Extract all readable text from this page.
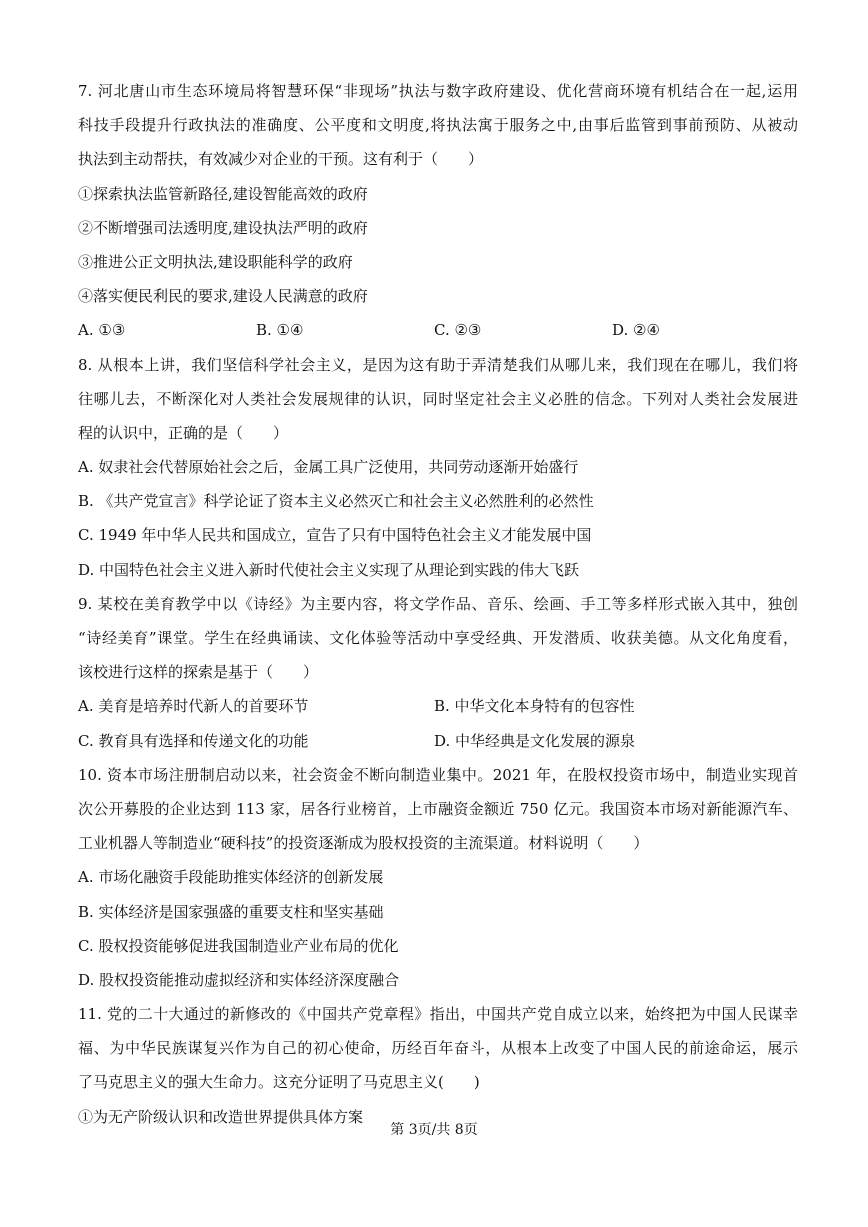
7. 河北唐山市生态环境局将智慧环保“非现场”执法与数字政府建设、优化营商环境有机结合在一起,运用
科技手段提升行政执法的准确度、公平度和文明度,将执法寓于服务之中,由事后监管到事前预防、从被动
执法到主动帮扶，有效减少对企业的干预。这有利于（　　）
①探索执法监管新路径,建设智能高效的政府
②不断增强司法透明度,建设执法严明的政府
③推进公正文明执法,建设职能科学的政府
④落实便民利民的要求,建设人民满意的政府
A. ①③	B. ①④	C. ②③	D. ②④
8. 从根本上讲，我们坚信科学社会主义，是因为这有助于弄清楚我们从哪儿来，我们现在在哪儿，我们将
往哪儿去，不断深化对人类社会发展规律的认识，同时坚定社会主义必胜的信念。下列对人类社会发展进
程的认识中，正确的是（　　）
A. 奴隶社会代替原始社会之后，金属工具广泛使用，共同劳动逐渐开始盛行
B. 《共产党宣言》科学论证了资本主义必然灭亡和社会主义必然胜利的必然性
C. 1949 年中华人民共和国成立，宣告了只有中国特色社会主义才能发展中国
D. 中国特色社会主义进入新时代使社会主义实现了从理论到实践的伟大飞跃
9. 某校在美育教学中以《诗经》为主要内容，将文学作品、音乐、绘画、手工等多样形式嵌入其中，独创
“诗经美育”课堂。学生在经典诵读、文化体验等活动中享受经典、开发潜质、收获美德。从文化角度看，
该校进行这样的探索是基于（　　）
A. 美育是培养时代新人的首要环节	B. 中华文化本身特有的包容性
C. 教育具有选择和传递文化的功能	D. 中华经典是文化发展的源泉
10. 资本市场注册制启动以来，社会资金不断向制造业集中。2021 年，在股权投资市场中，制造业实现首
次公开募股的企业达到 113 家，居各行业榜首，上市融资金额近 750 亿元。我国资本市场对新能源汽车、
工业机器人等制造业“硬科技”的投资逐渐成为股权投资的主流渠道。材料说明（　　）
A. 市场化融资手段能助推实体经济的创新发展
B. 实体经济是国家强盛的重要支柱和坚实基础
C. 股权投资能够促进我国制造业产业布局的优化
D. 股权投资能推动虚拟经济和实体经济深度融合
11. 党的二十大通过的新修改的《中国共产党章程》指出，中国共产党自成立以来，始终把为中国人民谋幸
福、为中华民族谋复兴作为自己的初心使命，历经百年奋斗，从根本上改变了中国人民的前途命运，展示
了马克思主义的强大生命力。这充分证明了马克思主义(　　)
①为无产阶级认识和改造世界提供具体方案
第 3页/共 8页
